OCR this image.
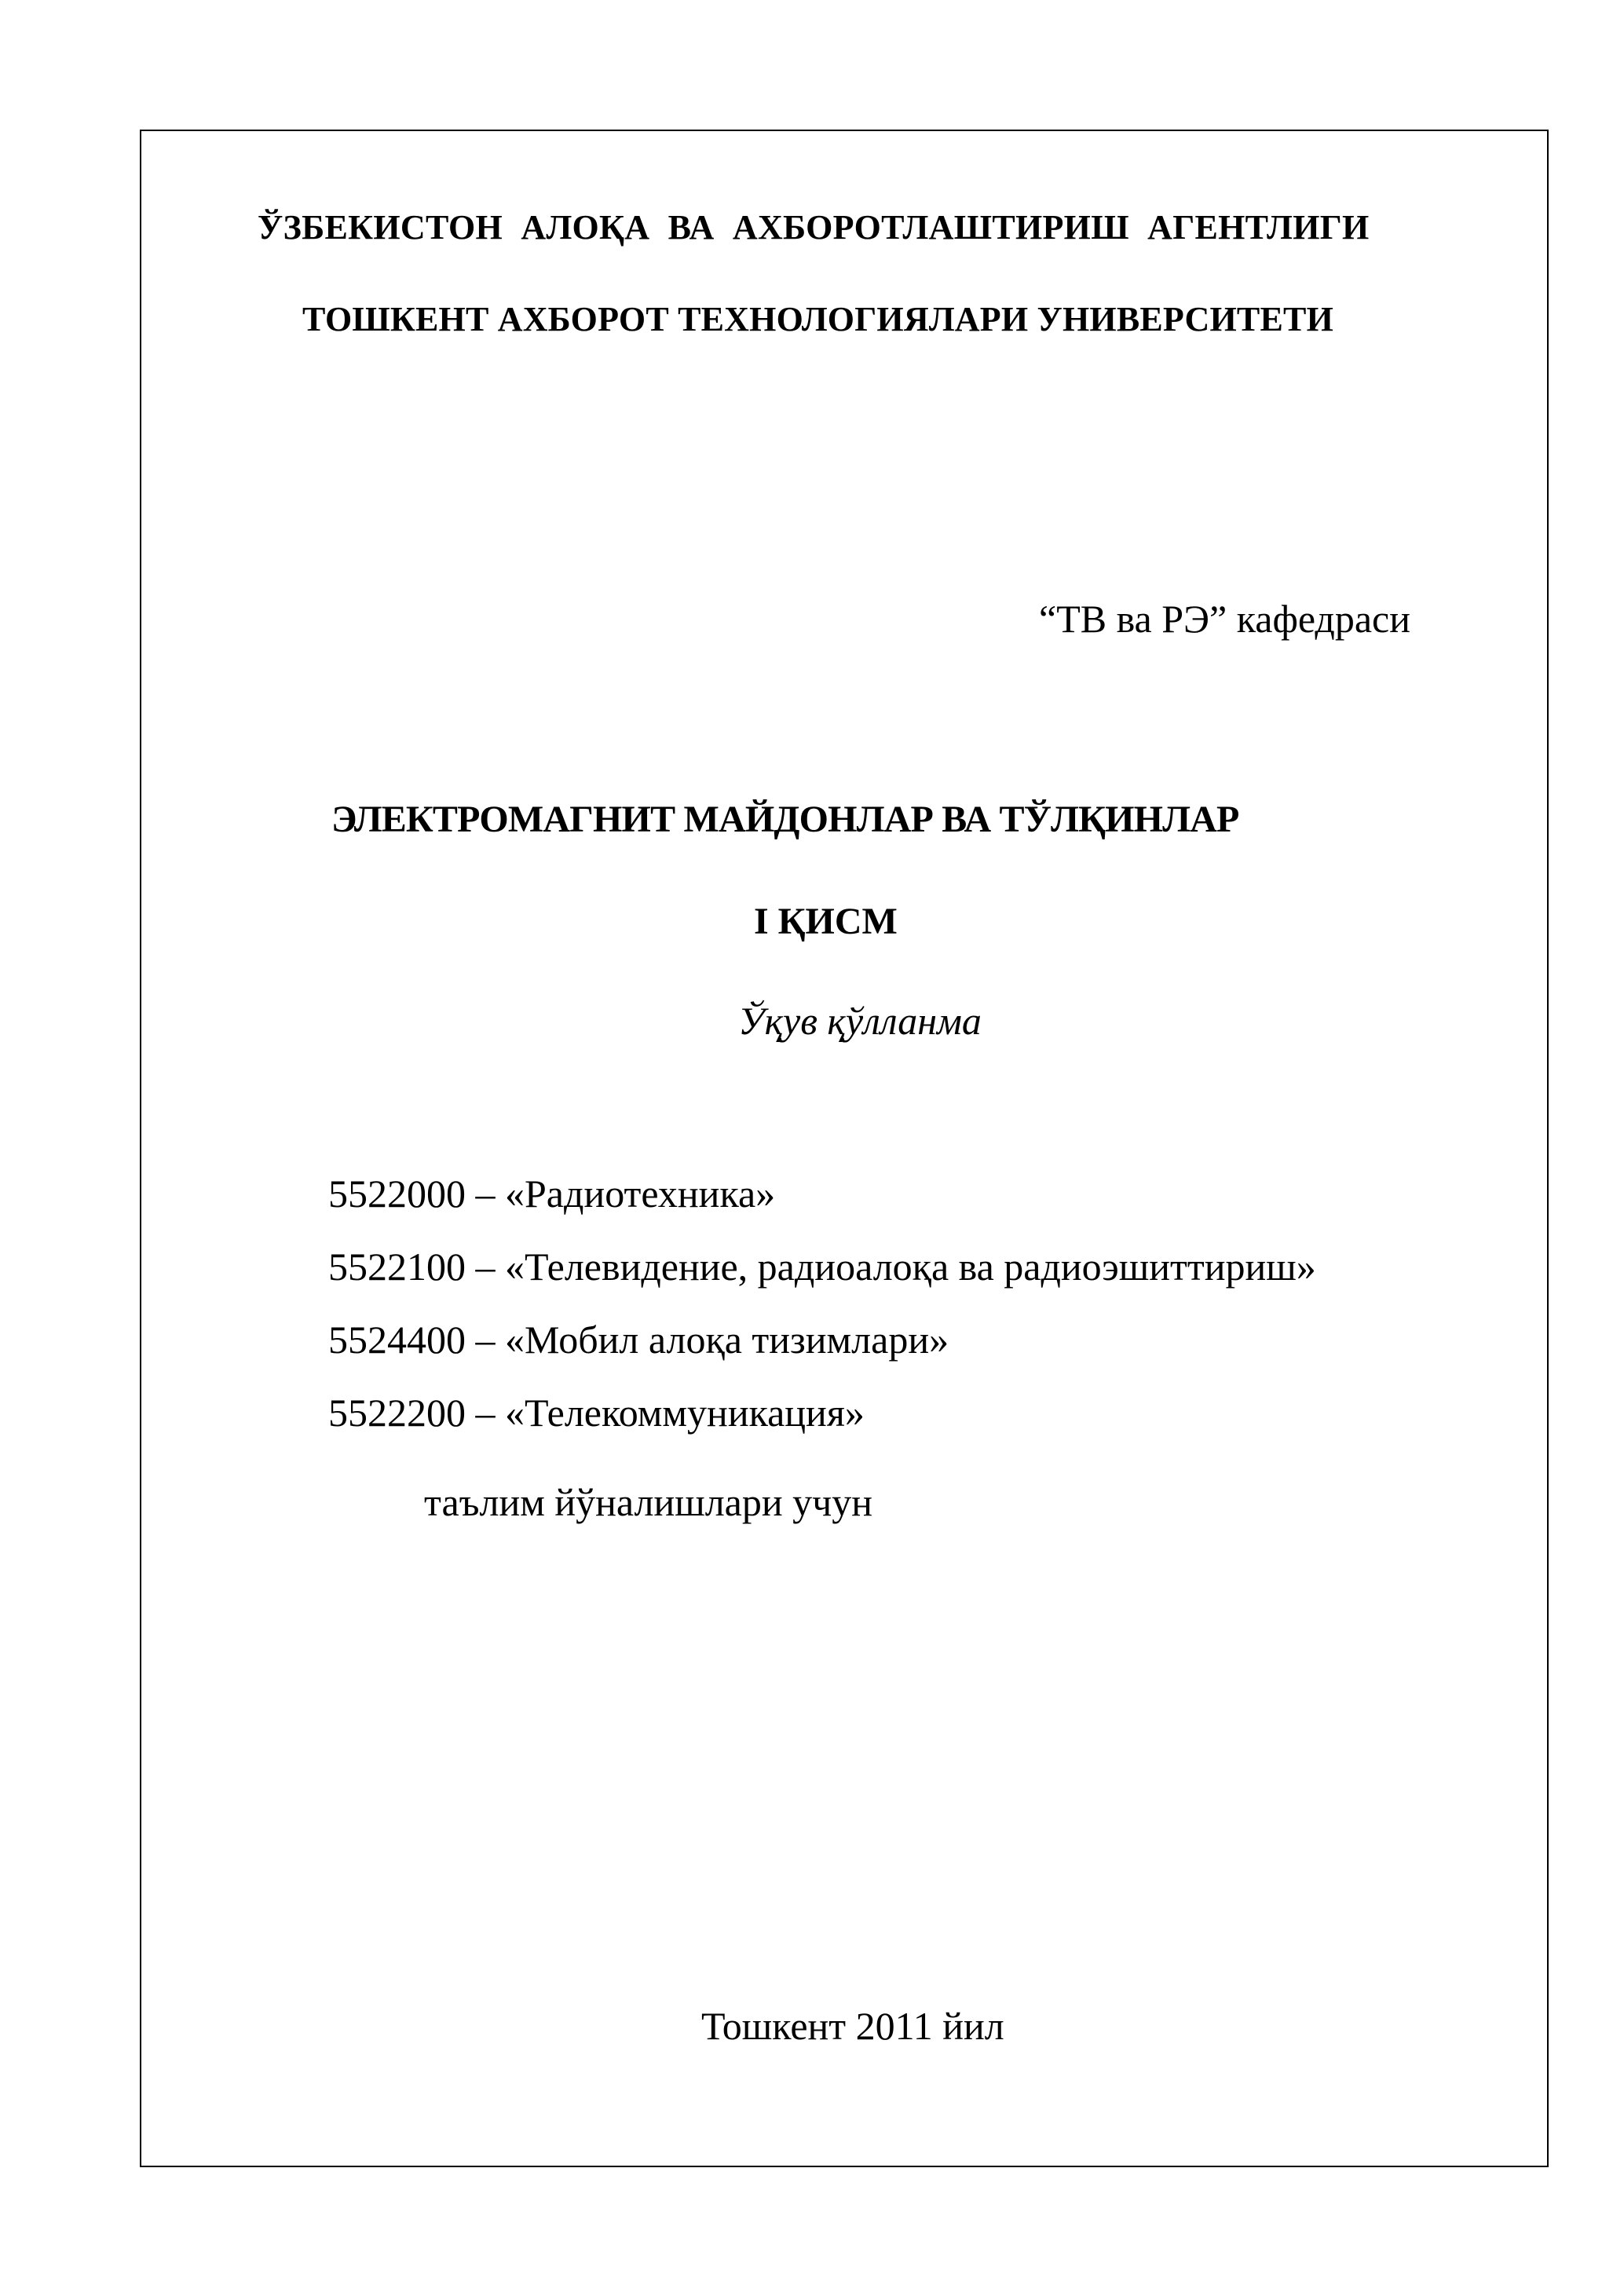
ЎЗБЕКИСТОН АЛОҚА ВА АХБОРОТЛАШТИРИШ АГЕНТЛИГИ
ТОШКЕНТ АХБОРОТ ТЕХНОЛОГИЯЛАРИ УНИВЕРСИТЕТИ
“ТВ ва РЭ” кафедраси
ЭЛЕКТРОМАГНИТ МАЙДОНЛАР ВА ТЎЛҚИНЛАР
I ҚИСМ
Ўқув қўлланма
5522000 – «Радиотехника»
5522100 – «Телевидение, радиоалоқа ва радиоэшиттириш»
5524400 – «Мобил алоқа тизимлари»
5522200 – «Телекоммуникация»
таълим йўналишлари учун
Тошкент 2011 йил
